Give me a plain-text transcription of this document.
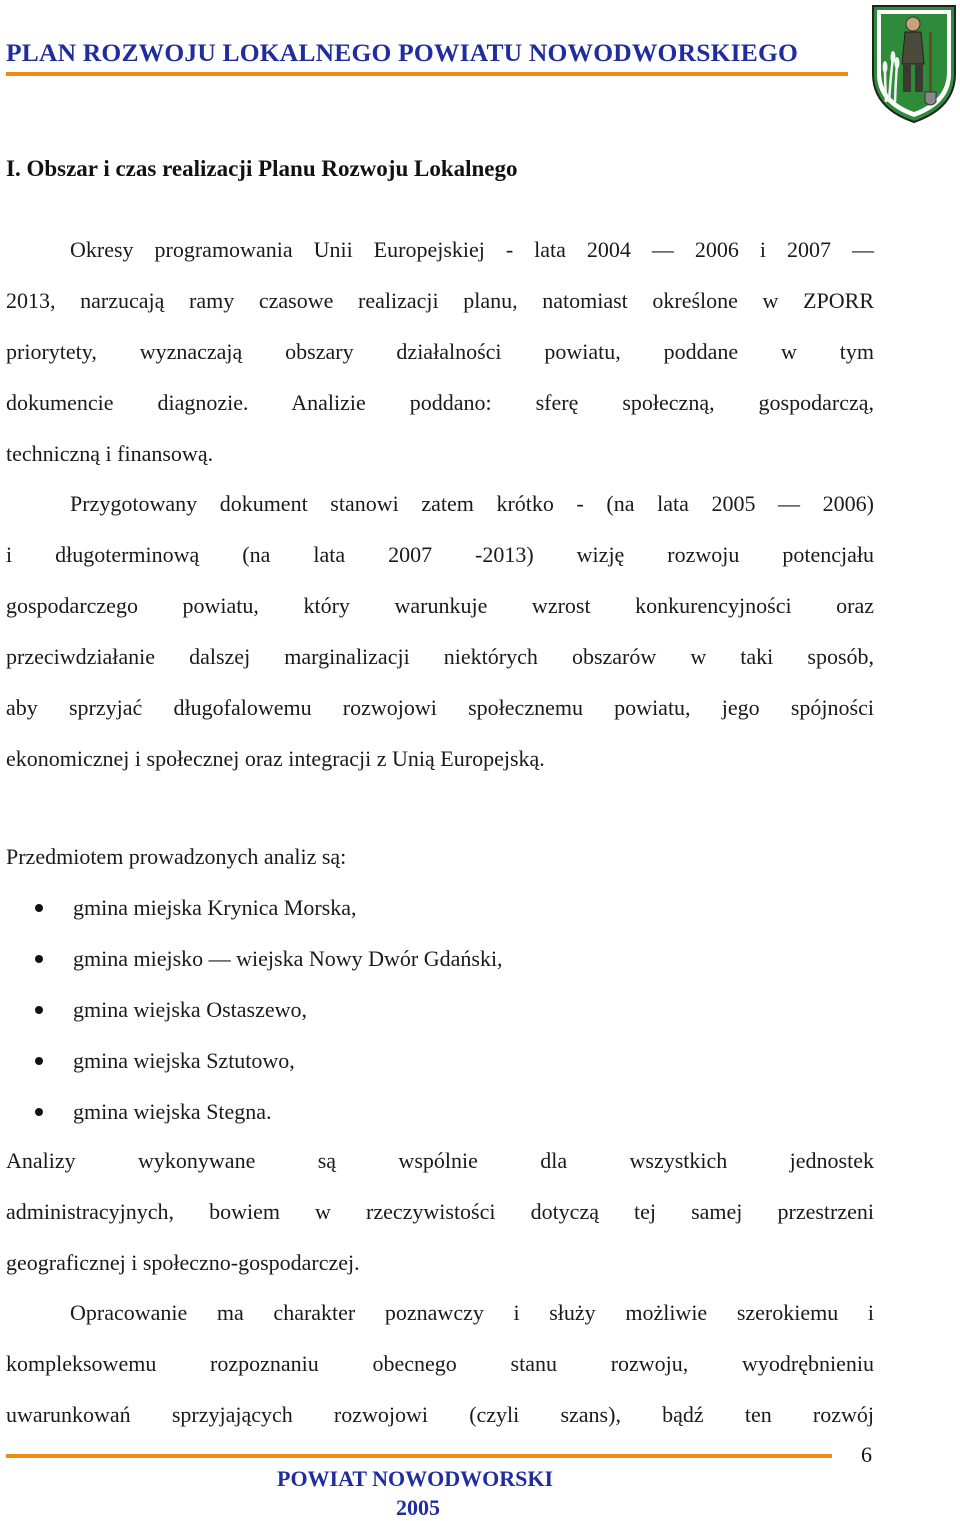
PLAN ROZWOJU LOKALNEGO POWIATU NOWODWORSKIEGO
I. Obszar i czas realizacji Planu Rozwoju Lokalnego
Okresy programowania Unii Europejskiej - lata 2004 — 2006 i 2007 —
2013, narzucają ramy czasowe realizacji planu, natomiast określone w ZPORR
priorytety, wyznaczają obszary działalności powiatu, poddane w tym
dokumencie diagnozie. Analizie poddano: sferę społeczną, gospodarczą,
techniczną i finansową.
Przygotowany dokument stanowi zatem krótko - (na lata 2005 — 2006)
i długoterminową (na lata 2007 -2013) wizję rozwoju potencjału
gospodarczego powiatu, który warunkuje wzrost konkurencyjności oraz
przeciwdziałanie dalszej marginalizacji niektórych obszarów w taki sposób,
aby sprzyjać długofalowemu rozwojowi społecznemu powiatu, jego spójności
ekonomicznej i społecznej oraz integracji z Unią Europejską.
Przedmiotem prowadzonych analiz są:
gmina miejska Krynica Morska,
gmina miejsko — wiejska Nowy Dwór Gdański,
gmina wiejska Ostaszewo,
gmina wiejska Sztutowo,
gmina wiejska Stegna.
Analizy wykonywane są wspólnie dla wszystkich jednostek
administracyjnych, bowiem w rzeczywistości dotyczą tej samej przestrzeni
geograficznej i społeczno-gospodarczej.
Opracowanie ma charakter poznawczy i służy możliwie szerokiemu i
kompleksowemu rozpoznaniu obecnego stanu rozwoju, wyodrębnieniu
uwarunkowań sprzyjających rozwojowi (czyli szans), bądź ten rozwój
6
POWIAT NOWODWORSKI
2005
